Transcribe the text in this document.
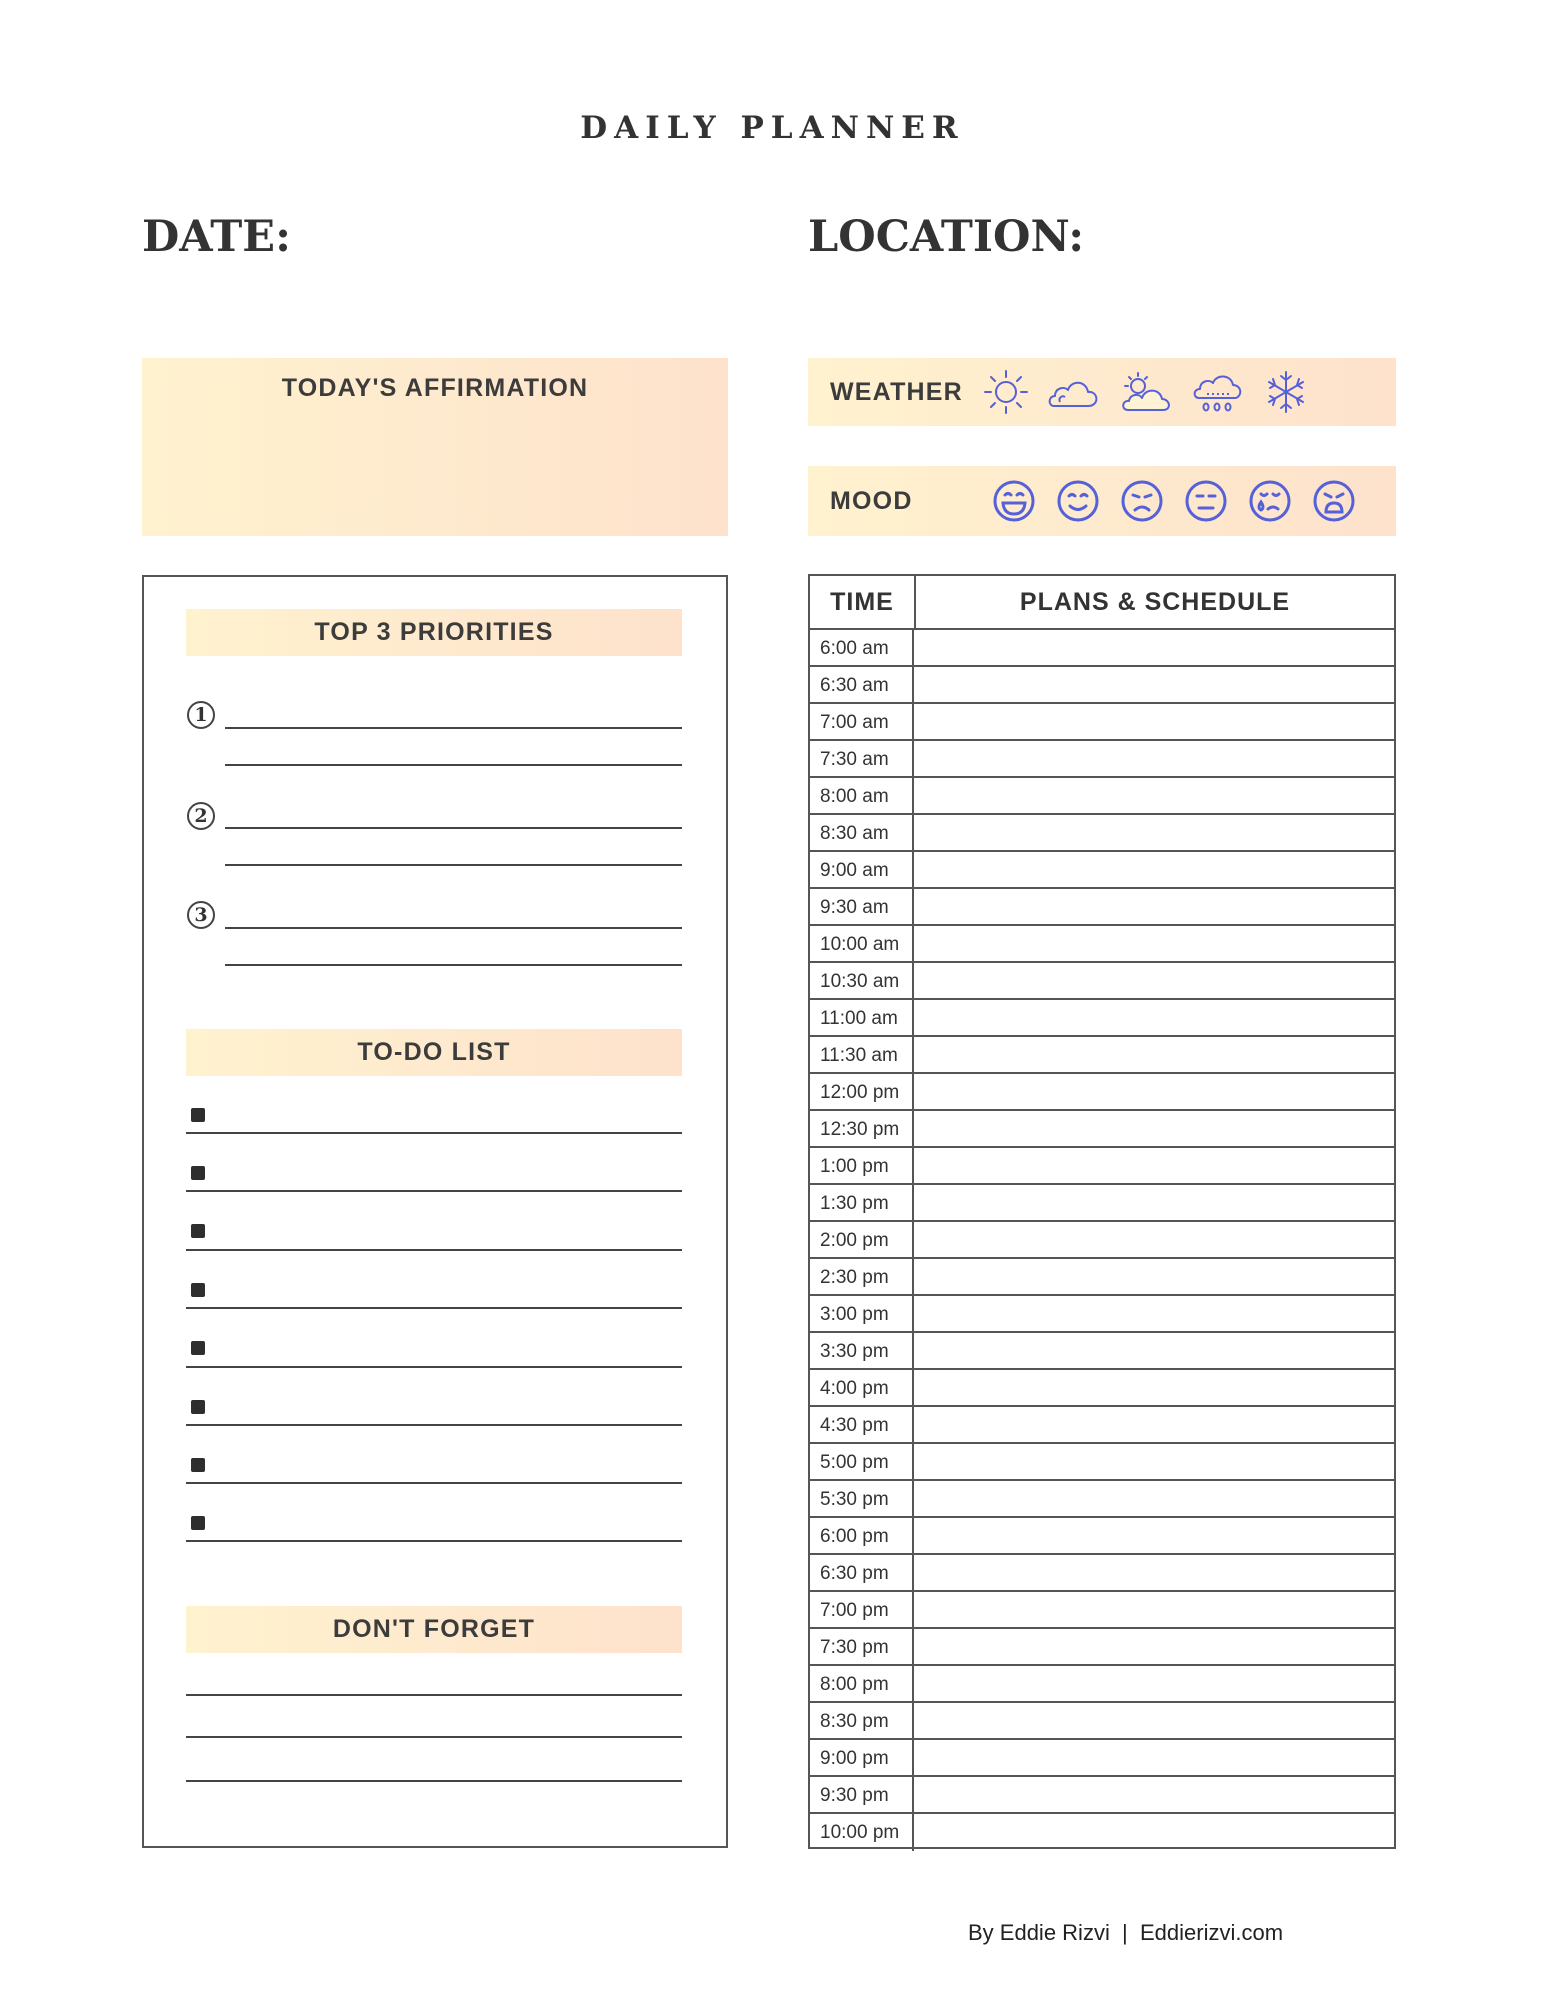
DAILY PLANNER
DATE:	LOCATION:
TODAY'S AFFIRMATION	WEATHER
MOOD
TOP 3 PRIORITIES
1
2
3
TO-DO LIST
DON'T FORGET
TIME	PLANS & SCHEDULE
6:00 am
6:30 am
7:00 am
7:30 am
8:00 am
8:30 am
9:00 am
9:30 am
10:00 am
10:30 am
11:00 am
11:30 am
12:00 pm
12:30 pm
1:00 pm
1:30 pm
2:00 pm
2:30 pm
3:00 pm
3:30 pm
4:00 pm
4:30 pm
5:00 pm
5:30 pm
6:00 pm
6:30 pm
7:00 pm
7:30 pm
8:00 pm
8:30 pm
9:00 pm
9:30 pm
10:00 pm
By Eddie Rizvi  |  Eddierizvi.com
